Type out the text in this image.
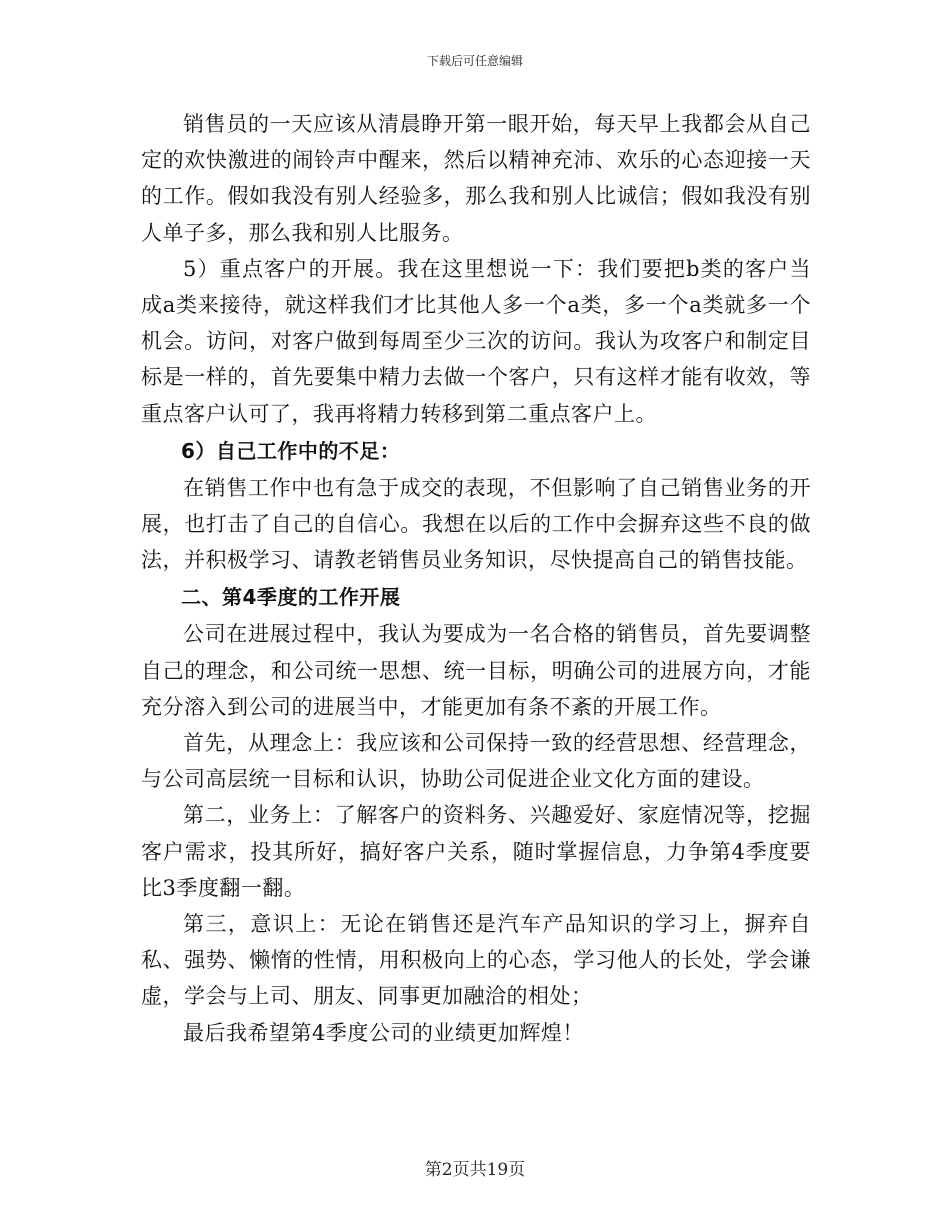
下载后可任意编辑

销售员的一天应该从清晨睁开第一眼开始，每天早上我都会从自己定的欢快激进的闹铃声中醒来，然后以精神充沛、欢乐的心态迎接一天的工作。假如我没有别人经验多，那么我和别人比诚信；假如我没有别人单子多，那么我和别人比服务。

5）重点客户的开展。我在这里想说一下：我们要把b类的客户当成a类来接待，就这样我们才比其他人多一个a类，多一个a类就多一个机会。访问，对客户做到每周至少三次的访问。我认为攻客户和制定目标是一样的，首先要集中精力去做一个客户，只有这样才能有收效，等重点客户认可了，我再将精力转移到第二重点客户上。

6）自己工作中的不足：

在销售工作中也有急于成交的表现，不但影响了自己销售业务的开展，也打击了自己的自信心。我想在以后的工作中会摒弃这些不良的做法，并积极学习、请教老销售员业务知识，尽快提高自己的销售技能。

二、第4季度的工作开展

公司在进展过程中，我认为要成为一名合格的销售员，首先要调整自己的理念，和公司统一思想、统一目标，明确公司的进展方向，才能充分溶入到公司的进展当中，才能更加有条不紊的开展工作。

首先，从理念上：我应该和公司保持一致的经营思想、经营理念，与公司高层统一目标和认识，协助公司促进企业文化方面的建设。

第二，业务上：了解客户的资料务、兴趣爱好、家庭情况等，挖掘客户需求，投其所好，搞好客户关系，随时掌握信息，力争第4季度要比3季度翻一翻。

第三，意识上：无论在销售还是汽车产品知识的学习上，摒弃自私、强势、懒惰的性情，用积极向上的心态，学习他人的长处，学会谦虚，学会与上司、朋友、同事更加融洽的相处；

最后我希望第4季度公司的业绩更加辉煌！

第2页共19页
